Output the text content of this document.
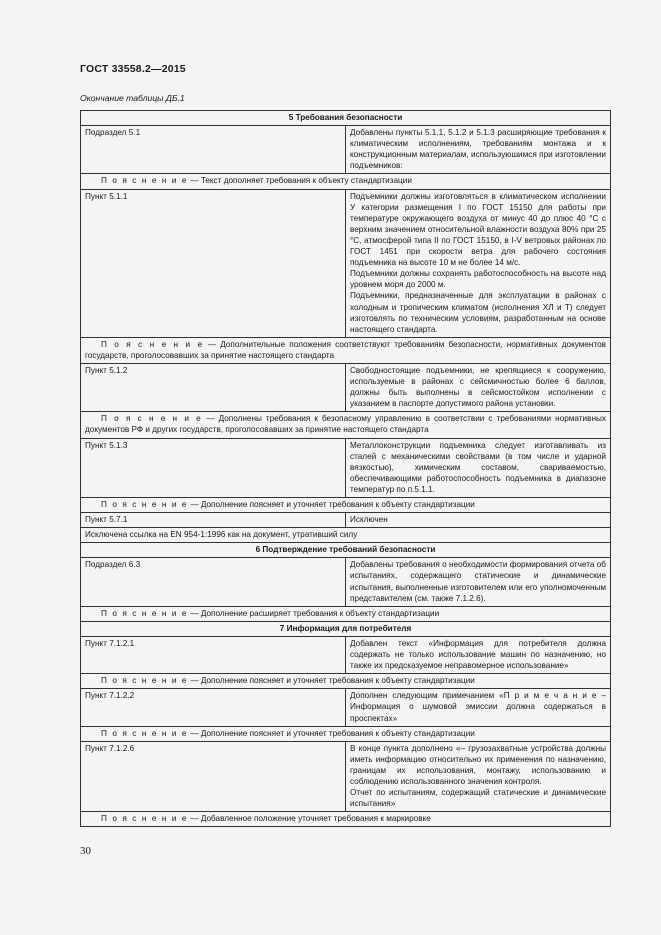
ГОСТ 33558.2—2015
Окончание таблицы ДБ.1
5 Требования безопасности	
Подраздел 5.1	Добавлены пункты 5.1.1, 5.1.2 и 5.1.3 расширяющие требования к климатическим исполнениям, требованиям монтажа и к конструкционным материалам, используюшимся при изготовлении подъемников:

П о я с н е н и е — Текст дополняет требования к объекту стандартизации	
Пункт 5.1.1	Подъемники должны изготовляться в климатическом исполнении У категории размещения I по ГОСТ 15150 для работы при температуре окружающего воздуха от минус 40 до плюс 40 °С с верхним значением относительной влажности воздуха 80% при 25 °С, атмосферой типа II по ГОСТ 15150, в I-V ветровых районах по ГОСТ 1451 при скорости ветра для рабочего состояния подъемника на высоте 10 м не более 14 м/с.
Подъемники должны сохранять работоспособность на высоте над уровнем моря до 2000 м.
Подъемники, предназначенные для эксплуатации в районах с холодным и тропическим климатом (исполнения ХЛ и Т) следует изготовлять по техническим условиям, разработанным на основе настоящего стандарта.

П о я с н е н и е — Дополнительные положения соответствуют требованиям безопасности, нормативных документов государств, проголосовавших за принятие настоящего стандарта	
Пункт 5.1.2	Свободностоящие подъемники, не крепящиеся к сооружению, используемые в районах с сейсмичностью более 6 баллов, должны быть выполнены в сейсмостойком исполнении с указанием в паспорте допустимого района установки.

П о я с н е н и е — Дополнены требования к безопасному управлению в соответствии с требованиями нормативных документов РФ и других государств, проголосовавших за принятие настоящего стандарта	
Пункт 5.1.3	Металлоконструкции подъемника следует изготавливать из сталей с механическими свойствами (в том числе и ударной вязкостью), химическим составом, свариваемостью, обеспечивающими работоспособность подъемника в диапазоне температур по п.5.1.1.

П о я с н е н и е — Дополнение поясняет и уточняет требования к объекту стандартизации	
Пункт 5.7.1	Исключен

Исключена ссылка на EN 954-1:1996 как на документ, утративший силу	
6 Подтверждение требований безопасности	
Подраздел 6.3	Добавлены требования о необходимости формирования отчета об испытаниях, содержащего статические и динамические испытания, выполненные изготовителем или его уполномоченным представителем (см. также 7.1.2.6).

П о я с н е н и е — Дополнение расширяет требования к объекту стандартизации	
7 Информация для потребителя	
Пункт 7.1.2.1	Добавлен текст «Информация для потребителя должна содержать не только использование машин по назначению, но также их предсказуемое неправомерное использование»

П о я с н е н и е — Дополнение поясняет и уточняет требования к объекту стандартизации	
Пункт 7.1.2.2	Дополнен следующим примечанием «П р и м е ч а н и е – Информация о шумовой эмиссии должна содержаться в проспектах»

П о я с н е н и е — Дополнение поясняет и уточняет требования к объекту стандартизации	
Пункт 7.1.2.6	В конце пункта дополнено «– грузозахватные устройства должны иметь информацию относительно их применения по назначению, границам их использования, монтажу, использованию и соблюдению использованного значения контроля.
Отчет по испытаниям, содержащий статические и динамические испытания»

П о я с н е н и е — Добавленное положение уточняет требования к маркировке	
30
